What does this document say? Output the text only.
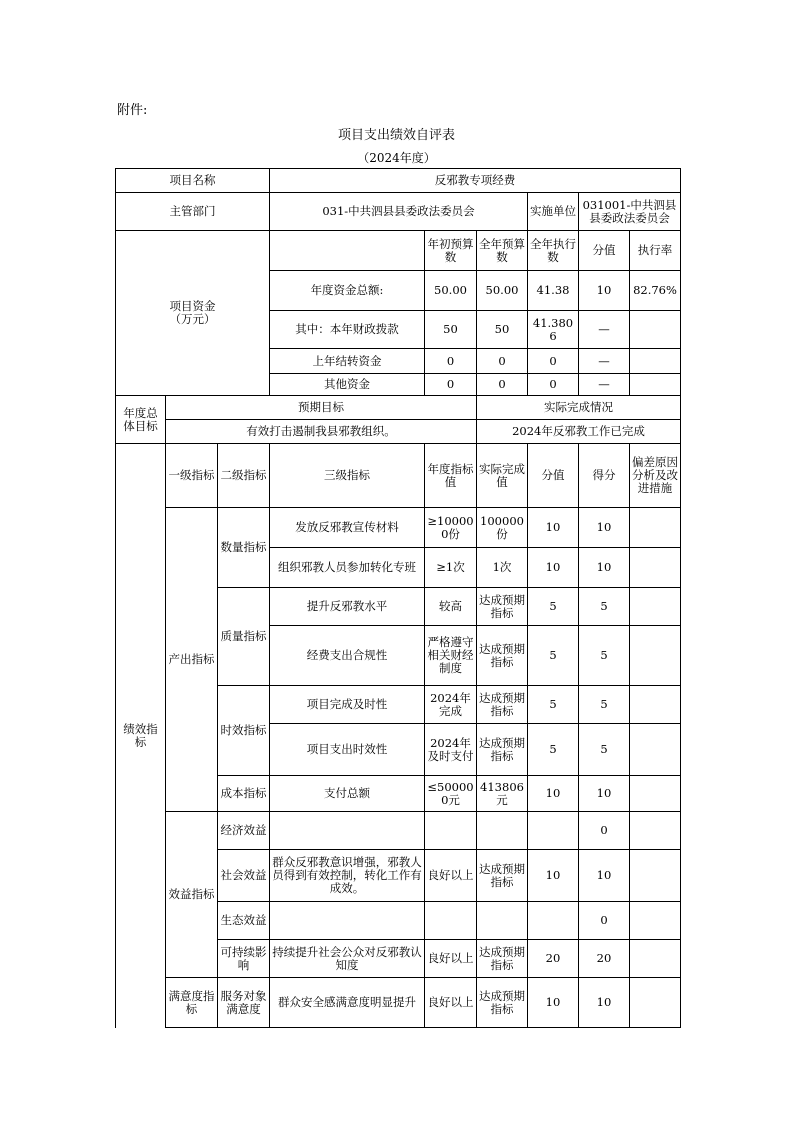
附件:
项目支出绩效自评表
（2024年度）
项目名称			反邪教专项经费						
主管部门			031-中共泗县县委政法委员会			实施单位	031001-中共泗县县委政法委员会		
项目资金
（万元）				年初预算数	全年预算数	全年执行数	分值	执行率	
			年度资金总额:	50.00	50.00	41.38	10	82.76%	
			其中：本年财政拨款	50	50	41.3806	—		
			上年结转资金	0	0	0	—		
			其他资金	0	0	0	—		
年度总体目标	预期目标				实际完成情况				
	有效打击遏制我县邪教组织。				2024年反邪教工作已完成				
绩效指标	一级指标	二级指标	三级指标	年度指标值	实际完成值	分值	得分	偏差原因分析及改进措施	
	产出指标	数量指标	发放反邪教宣传材料	≥100000份	100000份	10	10		
			组织邪教人员参加转化专班	≥1次	1次	10	10		
		质量指标	提升反邪教水平	较高	达成预期指标	5	5		
			经费支出合规性	严格遵守相关财经制度	达成预期指标	5	5		
		时效指标	项目完成及时性	2024年完成	达成预期指标	5	5		
			项目支出时效性	2024年及时支付	达成预期指标	5	5		
		成本指标	支付总额	≤500000元	413806元	10	10		
	效益指标	经济效益					0		
		社会效益	群众反邪教意识增强，邪教人员得到有效控制，转化工作有成效。	良好以上	达成预期指标	10	10		
		生态效益					0		
		可持续影响	持续提升社会公众对反邪教认知度	良好以上	达成预期指标	20	20		
	满意度指标	服务对象满意度	群众安全感满意度明显提升	良好以上	达成预期指标	10	10		
